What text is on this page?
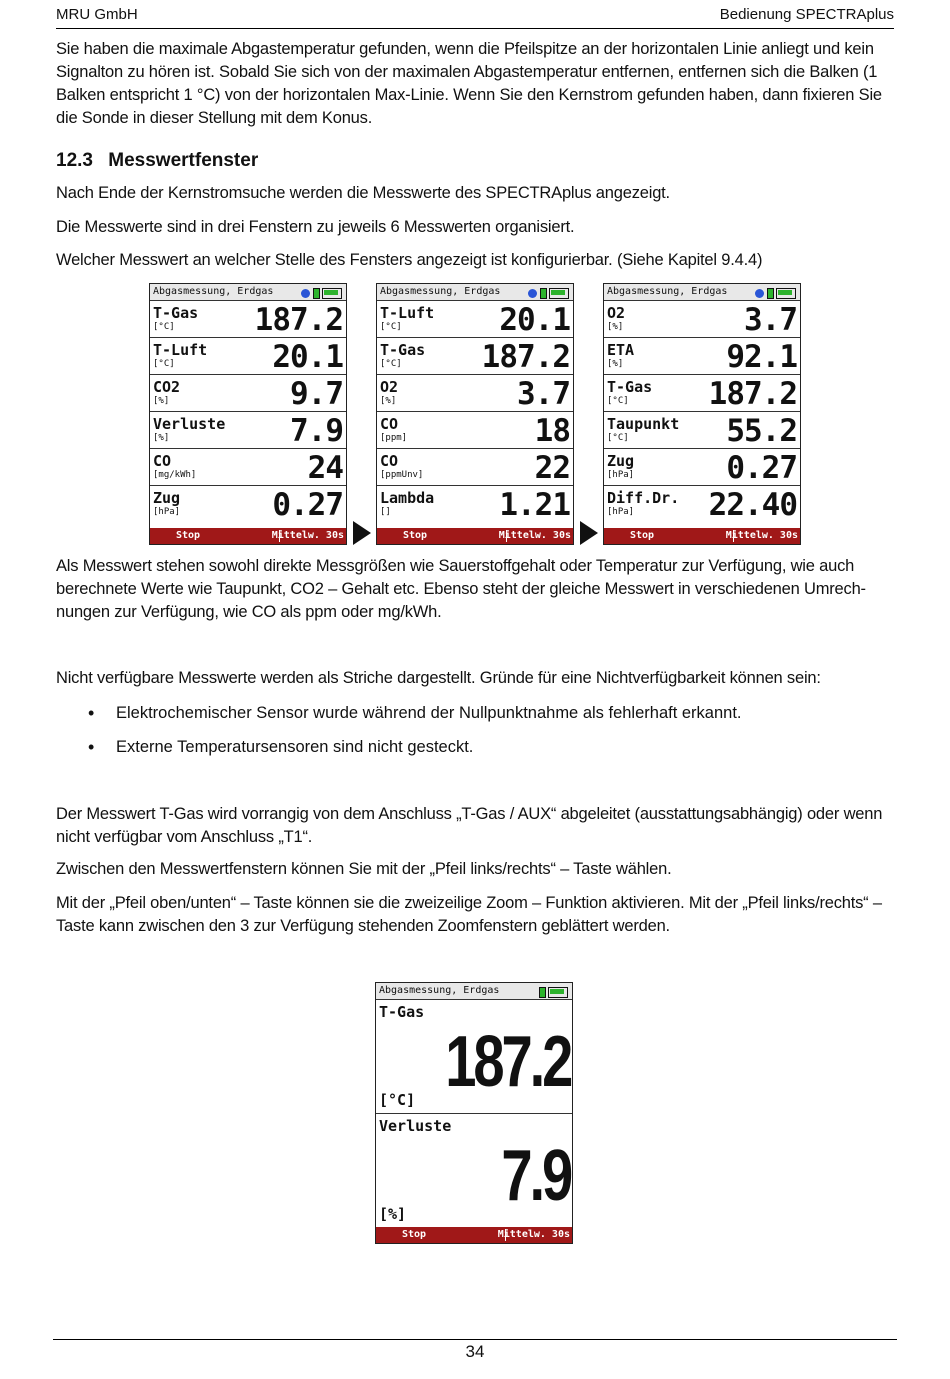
MRU GmbH	Bedienung SPECTRAplus
Sie haben die maximale Abgastemperatur gefunden, wenn die Pfeilspitze an der horizontalen Linie anliegt und kein Signalton zu hören ist. Sobald Sie sich von der maximalen Abgastemperatur entfernen, entfernen sich die Balken (1 Balken entspricht 1 °C) von der horizontalen Max-Linie. Wenn Sie den Kernstrom gefunden haben, dann fixieren Sie die Sonde in dieser Stellung mit dem Konus.
12.3 Messwertfenster
Nach Ende der Kernstromsuche werden die Messwerte des SPECTRAplus angezeigt.
Die Messwerte sind in drei Fenstern zu jeweils 6 Messwerten organisiert.
Welcher Messwert an welcher Stelle des Fensters angezeigt ist konfigurierbar. (Siehe Kapitel 9.4.4)
Abgasmessung, Erdgas
T-Gas
[°C]	187.2
T-Luft
[°C]	20.1
CO2
[%]	9.7
Verluste
[%]	7.9
CO
[mg/kWh]	24
Zug
[hPa]	0.27
Stop	Mittelw. 30s
Abgasmessung, Erdgas
T-Luft
[°C]	20.1
T-Gas
[°C]	187.2
O2
[%]	3.7
CO
[ppm]	18
CO
[ppmUnv]	22
Lambda
[]	1.21
Stop	Mittelw. 30s
Abgasmessung, Erdgas
O2
[%]	3.7
ETA
[%]	92.1
T-Gas
[°C]	187.2
Taupunkt
[°C]	55.2
Zug
[hPa]	0.27
Diff.Dr.
[hPa] 22.40
Stop	Mittelw. 30s
Als Messwert stehen sowohl direkte Messgrößen wie Sauerstoffgehalt oder Temperatur zur Verfügung, wie auch berechnete Werte wie Taupunkt, CO2 – Gehalt etc. Ebenso steht der gleiche Messwert in verschiedenen Umrech-nungen zur Verfügung, wie CO als ppm oder mg/kWh.
Nicht verfügbare Messwerte werden als Striche dargestellt. Gründe für eine Nichtverfügbarkeit können sein:
• Elektrochemischer Sensor wurde während der Nullpunktnahme als fehlerhaft erkannt.
• Externe Temperatursensoren sind nicht gesteckt.
Der Messwert T-Gas wird vorrangig von dem Anschluss „T-Gas / AUX“ abgeleitet (ausstattungsabhängig) oder wenn nicht verfügbar vom Anschluss „T1“.
Zwischen den Messwertfenstern können Sie mit der „Pfeil links/rechts“ – Taste wählen.
Mit der „Pfeil oben/unten“ – Taste können sie die zweizeilige Zoom – Funktion aktivieren. Mit der „Pfeil links/rechts“ – Taste kann zwischen den 3 zur Verfügung stehenden Zoomfenstern geblättert werden.
Abgasmessung, Erdgas
T-Gas
187.2
[°C]
Verluste
7.9
[%]
Stop	Mittelw. 30s
34
